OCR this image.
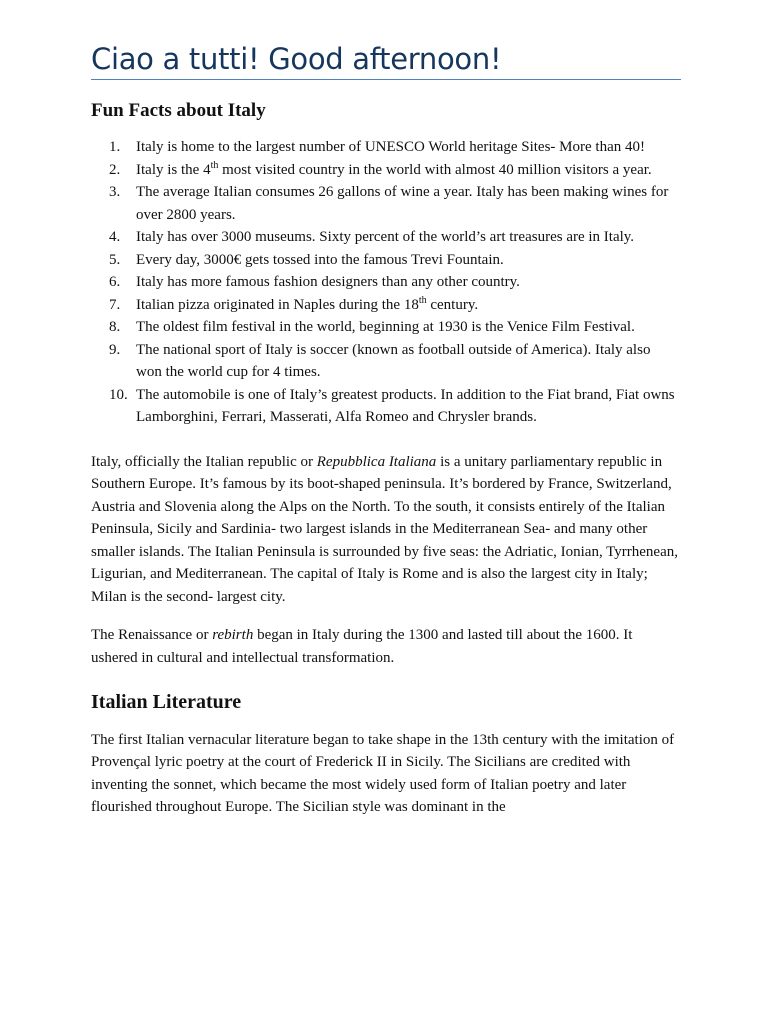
Ciao a tutti! Good afternoon!
Fun Facts about Italy
1.	Italy is home to the largest number of UNESCO World heritage Sites- More than 40!
2.	Italy is the 4th most visited country in the world with almost 40 million visitors a year.
3.	The average Italian consumes 26 gallons of wine a year. Italy has been making wines for over 2800 years.
4.	Italy has over 3000 museums. Sixty percent of the world’s art treasures are in Italy.
5.	Every day, 3000€ gets tossed into the famous Trevi Fountain.
6.	Italy has more famous fashion designers than any other country.
7.	Italian pizza originated in Naples during the 18th century.
8.	The oldest film festival in the world, beginning at 1930 is the Venice Film Festival.
9.	The national sport of Italy is soccer (known as football outside of America). Italy also won the world cup for 4 times.
10. The automobile is one of Italy’s greatest products. In addition to the Fiat brand, Fiat owns Lamborghini, Ferrari, Masserati, Alfa Romeo and Chrysler brands.

Italy, officially the Italian republic or Repubblica Italiana is a unitary parliamentary republic in Southern Europe. It’s famous by its boot-shaped peninsula. It’s bordered by France, Switzerland, Austria and Slovenia along the Alps on the North. To the south, it consists entirely of the Italian Peninsula, Sicily and Sardinia- two largest islands in the Mediterranean Sea- and many other smaller islands. The Italian Peninsula is surrounded by five seas: the Adriatic, Ionian, Tyrrhenean, Ligurian, and Mediterranean. The capital of Italy is Rome and is also the largest city in Italy; Milan is the second- largest city.

The Renaissance or rebirth began in Italy during the 1300 and lasted till about the 1600. It ushered in cultural and intellectual transformation.

Italian Literature

The first Italian vernacular literature began to take shape in the 13th century with the imitation of Provençal lyric poetry at the court of Frederick II in Sicily. The Sicilians are credited with inventing the sonnet, which became the most widely used form of Italian poetry and later flourished throughout Europe. The Sicilian style was dominant in the
